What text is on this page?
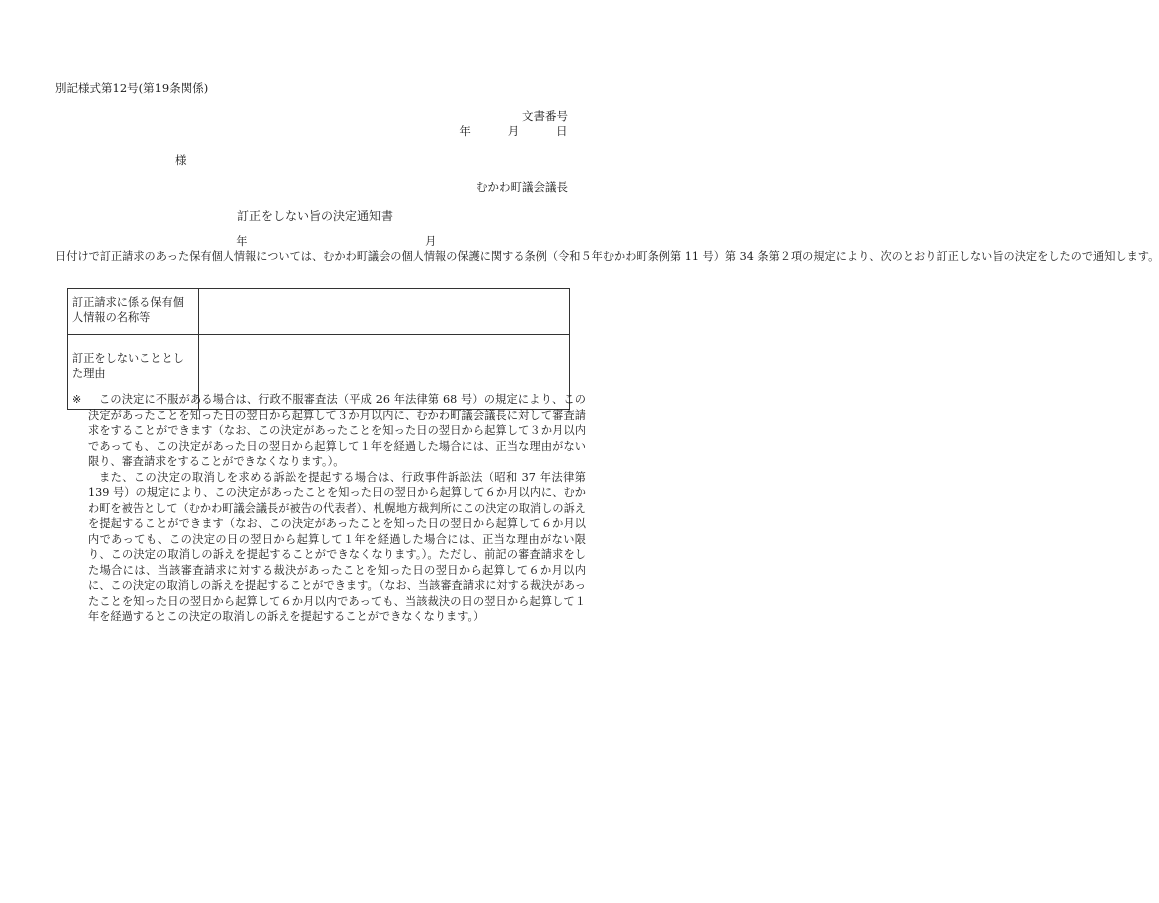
別記様式第12号(第19条関係)
文書番号
年	月	日
様
むかわ町議会議長
訂正をしない旨の決定通知書
　　　 年　　　	月　　　日付けで訂正請求のあった保有個人情報については、むかわ町議会の個人情報の保護に関する条例（令和５年むかわ町条例第 11 号）第 34 条第２項の規定により、次のとおり訂正しない旨の決定をしたので通知します。
訂正請求に係る保有個人情報の名称等	
訂正をしないこととした理由	
※	この決定に不服がある場合は、行政不服審査法（平成 26 年法律第 68 号）の規定により、この決定があったことを知った日の翌日から起算して３か月以内に、むかわ町議会議長に対して審査請求をすることができます（なお、この決定があったことを知った日の翌日から起算して３か月以内であっても、この決定があった日の翌日から起算して１年を経過した場合には、正当な理由がない限り、審査請求をすることができなくなります。）。

また、この決定の取消しを求める訴訟を提起する場合は、行政事件訴訟法（昭和 37 年法律第 139 号）の規定により、この決定があったことを知った日の翌日から起算して６か月以内に、むかわ町を被告として（むかわ町議会議長が被告の代表者）、札幌地方裁判所にこの決定の取消しの訴えを提起することができます（なお、この決定があったことを知った日の翌日から起算して６か月以内であっても、この決定の日の翌日から起算して１年を経過した場合には、正当な理由がない限り、この決定の取消しの訴えを提起することができなくなります。）。ただし、前記の審査請求をした場合には、当該審査請求に対する裁決があったことを知った日の翌日から起算して６か月以内に、この決定の取消しの訴えを提起することができます。（なお、当該審査請求に対する裁決があったことを知った日の翌日から起算して６か月以内であっても、当該裁決の日の翌日から起算して１年を経過するとこの決定の取消しの訴えを提起することができなくなります。）
